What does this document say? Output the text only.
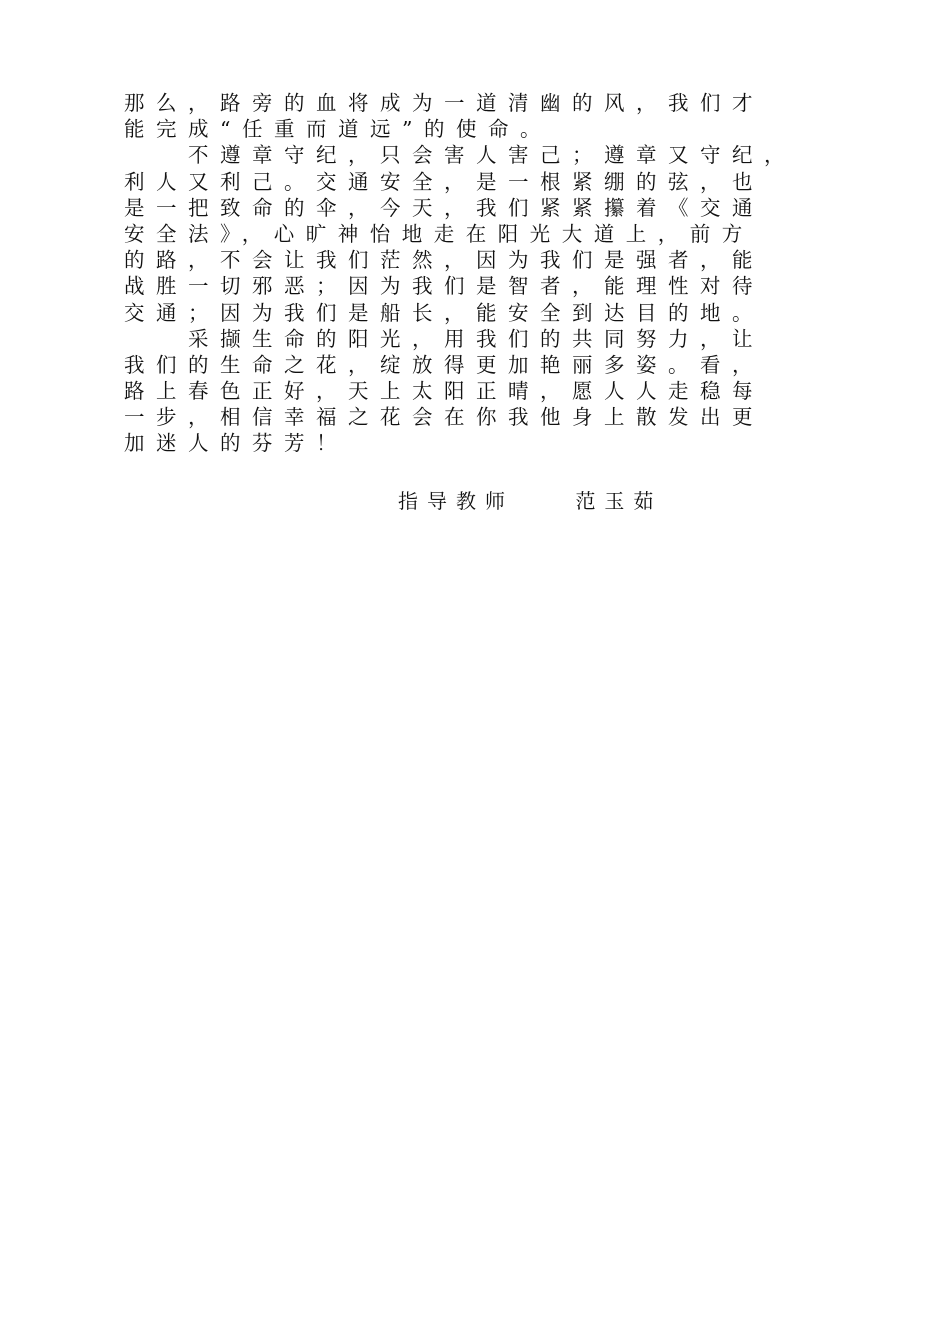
那么，路旁的血将成为一道清幽的风，我们才
能完成“任重而道远”的使命。
　　不遵章守纪，只会害人害己；遵章又守纪，
利人又利己。交通安全，是一根紧绷的弦，也
是一把致命的伞，今天，我们紧紧攥着《交通
安全法》，心旷神怡地走在阳光大道上，前方
的路，不会让我们茫然，因为我们是强者，能
战胜一切邪恶；因为我们是智者，能理性对待
交通；因为我们是船长，能安全到达目的地。
　　采撷生命的阳光，用我们的共同努力，让
我们的生命之花，绽放得更加艳丽多姿。看，
路上春色正好，天上太阳正晴，愿人人走稳每
一步，相信幸福之花会在你我他身上散发出更
加迷人的芬芳！
指导教师	范玉茹
